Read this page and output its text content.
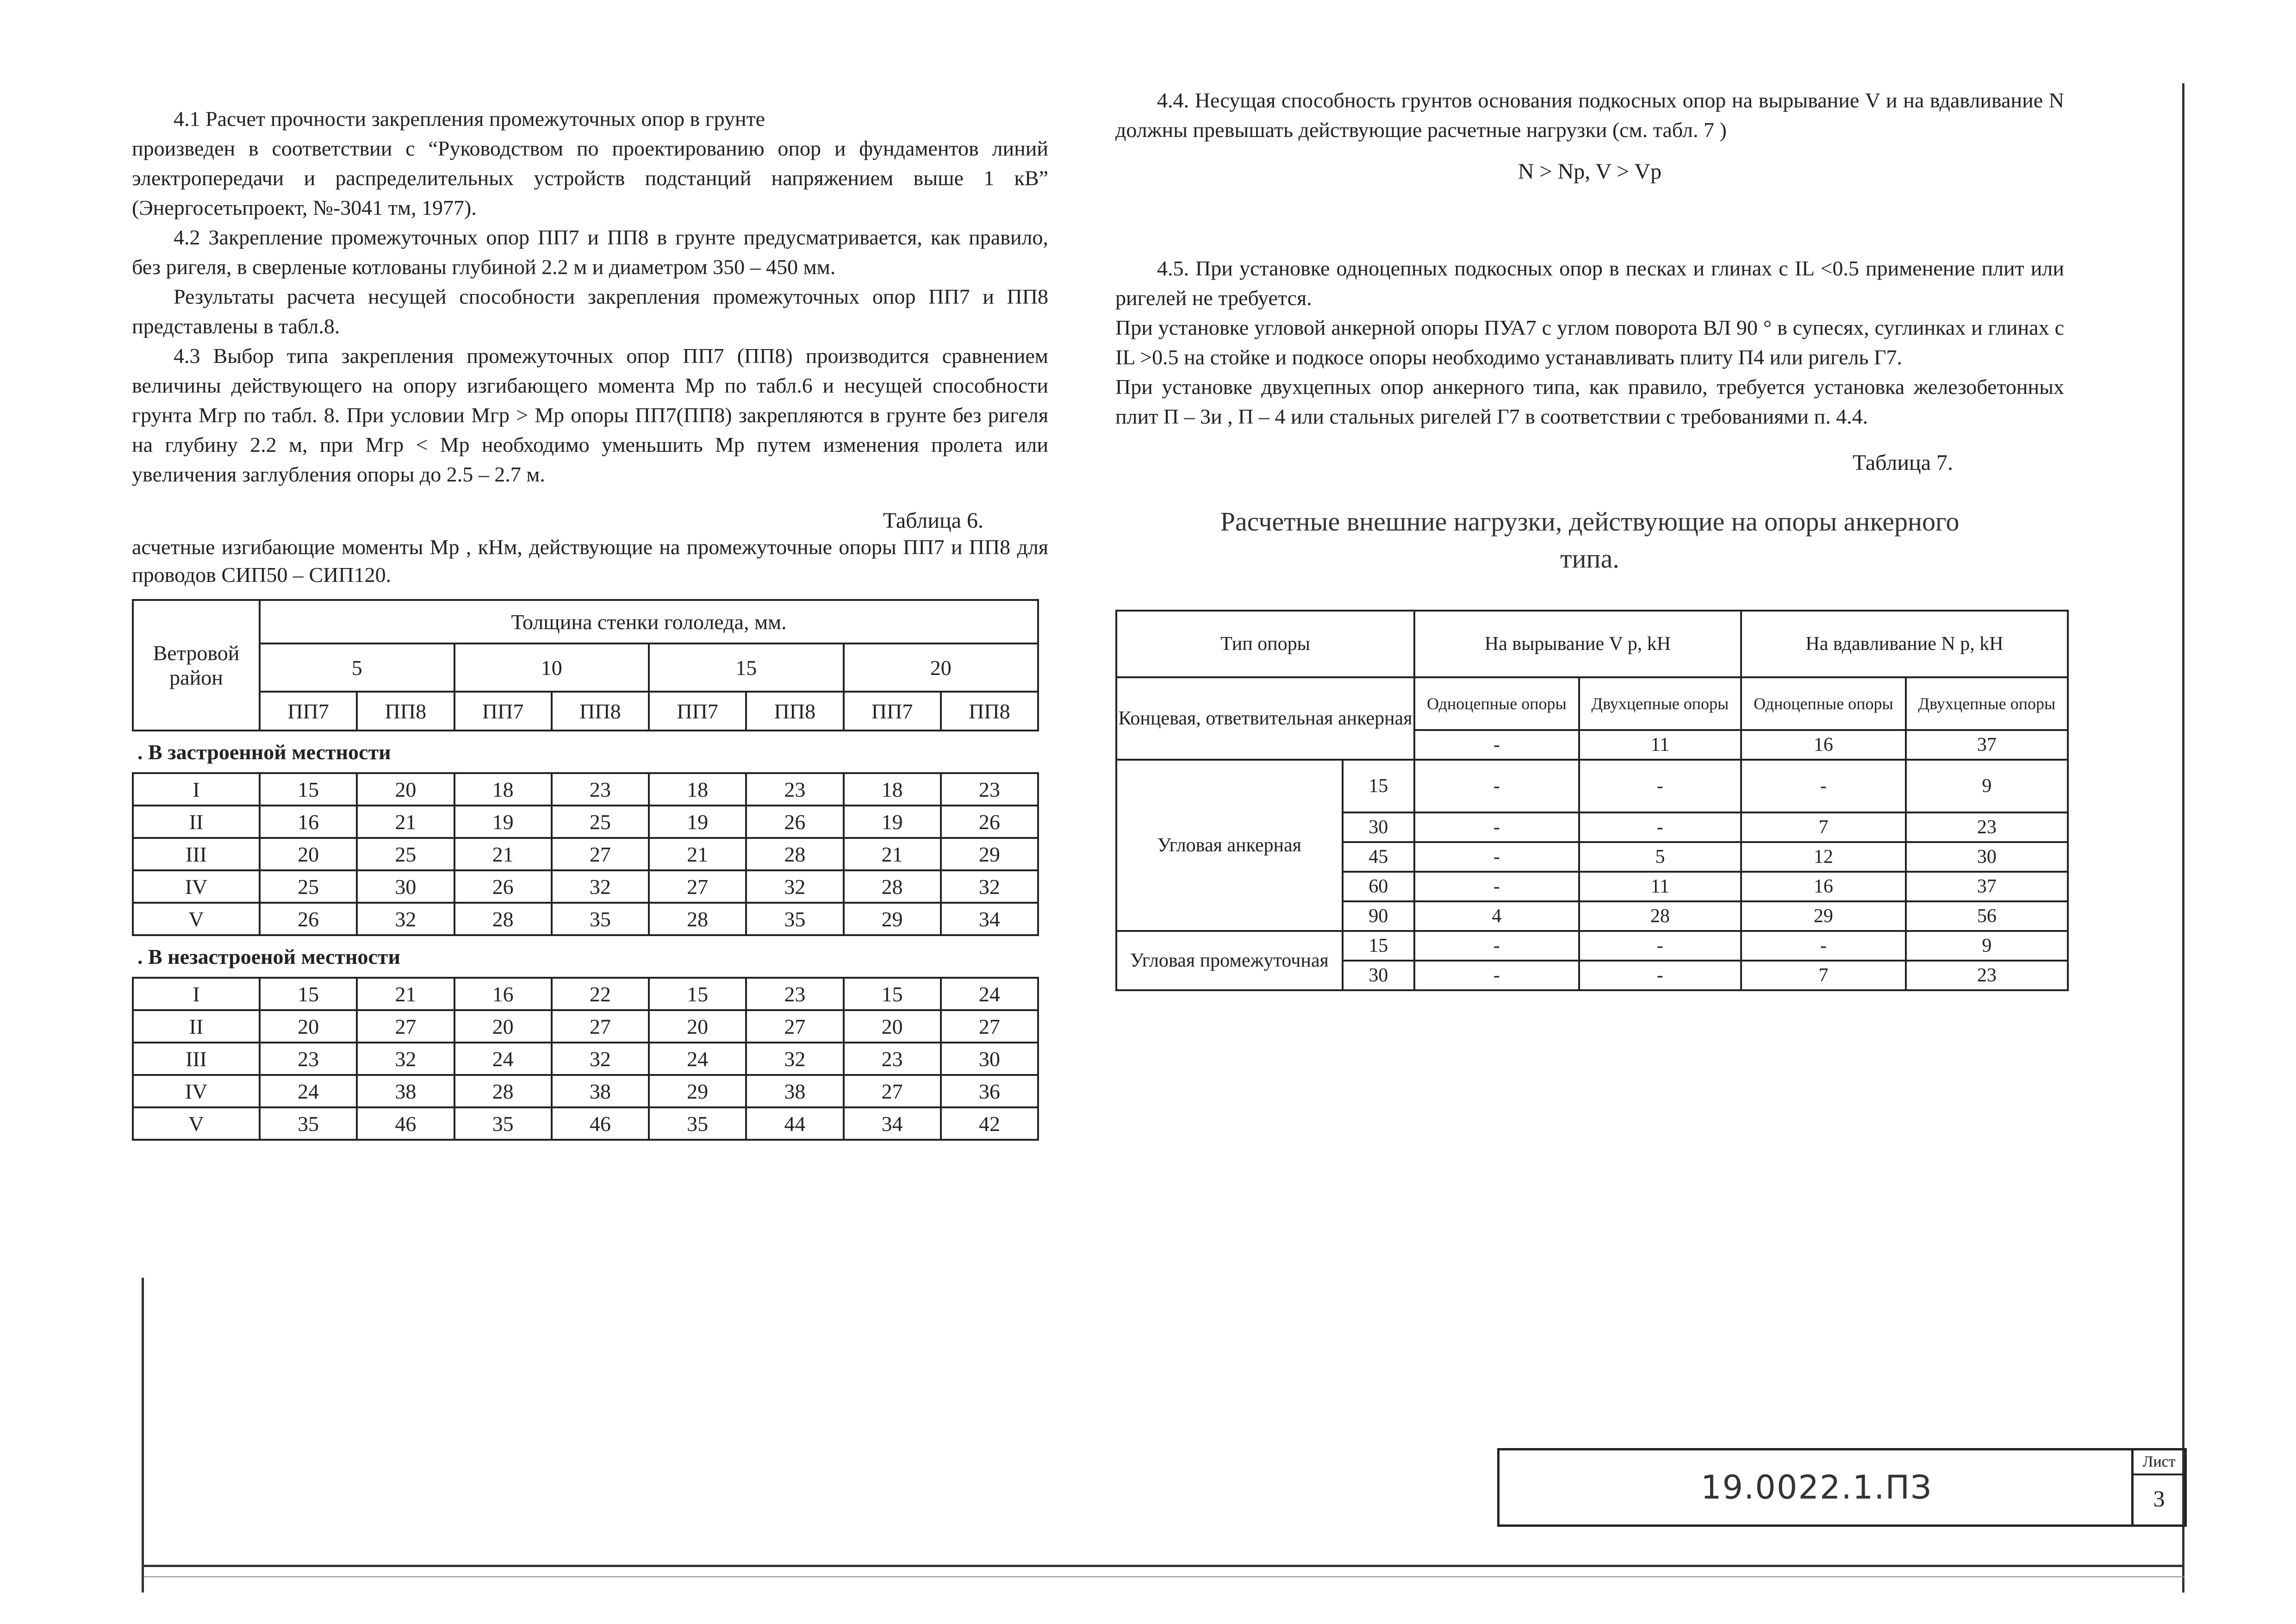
4.1 Расчет прочности закрепления промежуточных опор в грунте

произведен в соответствии с “Руководством по проектированию опор и фундаментов линий электропередачи и распределительных устройств подстанций напряжением выше 1 кВ” (Энергосетьпроект, №-3041 тм, 1977).

4.2 Закрепление промежуточных опор ПП7 и ПП8 в грунте предусматривается, как правило, без ригеля, в сверленые котлованы глубиной 2.2 м и диаметром 350 – 450 мм.

Результаты расчета несущей способности закрепления промежуточных опор ПП7 и ПП8 представлены в табл.8.

4.3 Выбор типа закрепления промежуточных опор ПП7 (ПП8) производится сравнением величины действующего на опору изгибающего момента Мр по табл.6 и несущей способности грунта Мгр по табл. 8. При условии Мгр > Мр опоры ПП7(ПП8) закрепляются в грунте без ригеля на глубину 2.2 м, при Мгр < Мр необходимо уменьшить Мр путем изменения пролета или увеличения заглубления опоры до 2.5 – 2.7 м.

Таблица 6.

асчетные изгибающие моменты Мр , кНм, действующие на промежуточные опоры ПП7 и ПП8 для проводов СИП50 – СИП120.

Ветровой район	Толщина стенки гололеда, мм.							
	5		10		15		20	
	ПП7	ПП8	ПП7	ПП8	ПП7	ПП8	ПП7	ПП8
. В застроенной местности								
I	15	20	18	23	18	23	18	23
II	16	21	19	25	19	26	19	26
III	20	25	21	27	21	28	21	29
IV	25	30	26	32	27	32	28	32
V	26	32	28	35	28	35	29	34
. В незастроеной местности								
I	15	21	16	22	15	23	15	24
II	20	27	20	27	20	27	20	27
III	23	32	24	32	24	32	23	30
IV	24	38	28	38	29	38	27	36
V	35	46	35	46	35	44	34	42

4.4. Несущая способность грунтов основания подкосных опор на вырывание V и на вдавливание N должны превышать действующие расчетные нагрузки (см. табл. 7 )

N > Np, V > Vp

4.5. При установке одноцепных подкосных опор в песках и глинах с IL <0.5 применение плит или ригелей не требуется.

При установке угловой анкерной опоры ПУА7 с углом поворота ВЛ 90 ° в супесях, суглинках и глинах с IL >0.5 на стойке и подкосе опоры необходимо устанавливать плиту П4 или ригель Г7.

При установке двухцепных опор анкерного типа, как правило, требуется установка железобетонных плит П – 3и , П – 4 или стальных ригелей Г7 в соответствии с требованиями п. 4.4.

Таблица 7.

Расчетные внешние нагрузки, действующие на опоры анкерного типа.

Тип опоры		На вырывание V р, kH		На вдавливание N р, kH	
Концевая, ответвительная анкерная		Одноцепные опоры	Двухцепные опоры	Одноцепные опоры	Двухцепные опоры
		-	11	16	37
Угловая анкерная	15	-	-	-	9
	30	-	-	7	23
	45	-	5	12	30
	60	-	11	16	37
	90	4	28	29	56
Угловая промежуточная	15	-	-	-	9
	30	-	-	7	23
19.0022.1.ПЗ
Лист
3
